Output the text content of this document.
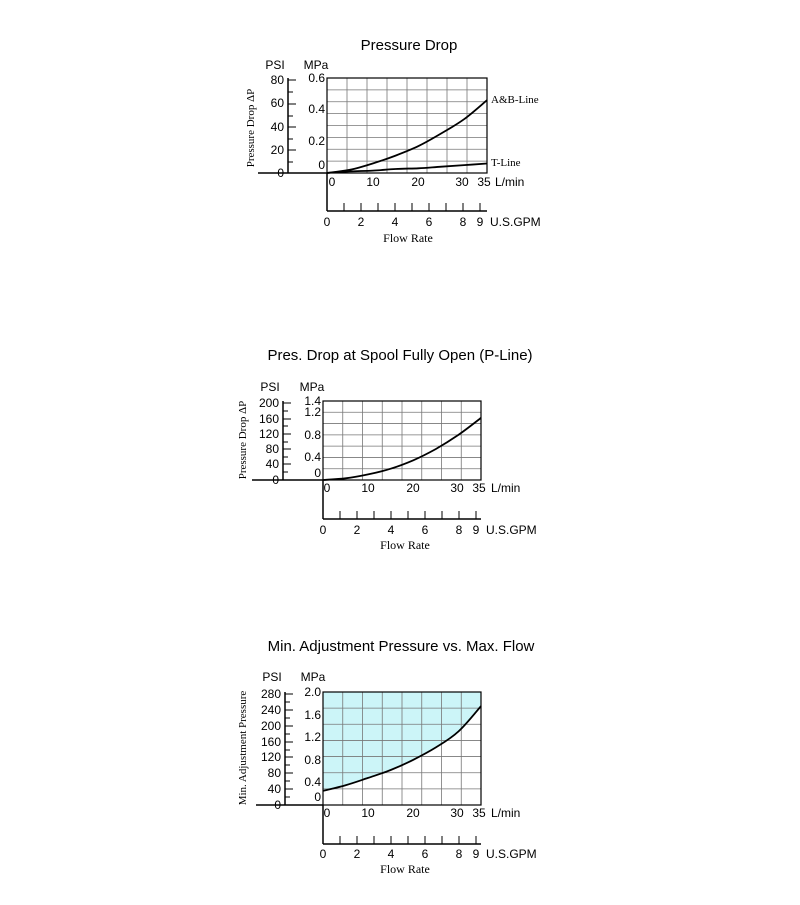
Pressure Drop
PSI MPa
Pressure Drop ΔP
80
60
40
20
0
0.6
0.4
0.2
0
0	10	20	30 35 L/min
0 2 4 6 8 9 U.S.GPM
Flow Rate
A&B-Line
T-Line
Pres. Drop at Spool Fully Open (P-Line)
PSI MPa
Pressure Drop ΔP 200
160
120
80
40
0
1.4
1.2
0.8
0.4
0
0	10	20	30 35 L/min
0 2 4 6 8 9 U.S.GPM
Flow Rate
Min. Adjustment Pressure vs. Max. Flow
PSI MPa
Min. Adjustment Pressure 280
240
200
160
120
80
40
0
2.0
1.6
1.2
0.8
0.4
0
0	10	20	30 35 L/min
0 2 4 6 8 9 U.S.GPM
Flow Rate
